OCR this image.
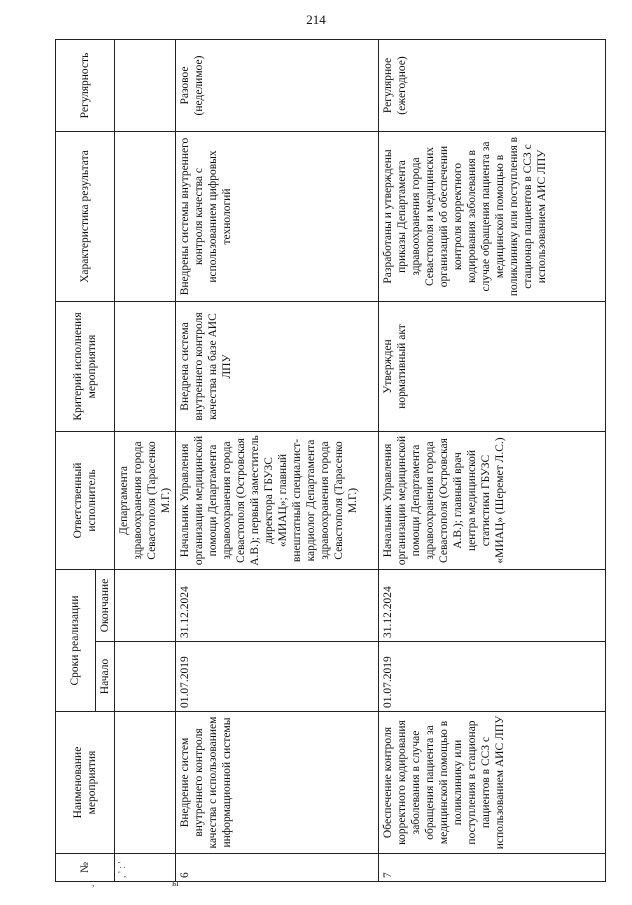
214
№	Наименование мероприятия	Сроки реализации		Ответственный исполнитель	Критерий исполнения мероприятия	Характеристика результата	Регулярность
		Начало	Окончание				
, ' : '				Департамента здравоохранения города Севастополя (Тарасенко М.Г.)			
6	Внедрение систем внутреннего контроля качества с использованием информационной системы	01.07.2019	31.12.2024	Начальник Управления организации медицинской помощи Департамента здравоохранения города Севастополя (Островская А.В.); первый заместитель директора ГБУЗС «МИАЦ»; главный внештатный специалист-кардиолог Департамента здравоохранения города Севастополя (Тарасенко М.Г.)	Внедрена система внутреннего контроля качества на базе АИС ЛПУ	Внедрены системы внутреннего контроля качества с использованием цифровых технологий	Разовое (неделимое)
7	Обеспечение контроля корректного кодирования заболевания в случае обращения пациента за медицинской помощью в поликлинику или поступления в стационар пациентов в ССЗ с использованием АИС ЛПУ	01.07.2019	31.12.2024	Начальник Управления организации медицинской помощи Департамента здравоохранения города Севастополя (Островская А.В.); главный врач центра медицинской статистики ГБУЗС «МИАЦ» (Шеремет Л.С.)	Утвержден нормативный акт	Разработаны и утверждены приказы Департамента здравоохранения города Севастополя и медицинских организаций об обеспечении контроля корректного кодирования заболевания в случае обращения пациента за медицинской помощью в поликлинику или поступления в стационар пациентов в ССЗ с использованием АИС ЛПУ	Регулярное (ежегодное)
,	ы
